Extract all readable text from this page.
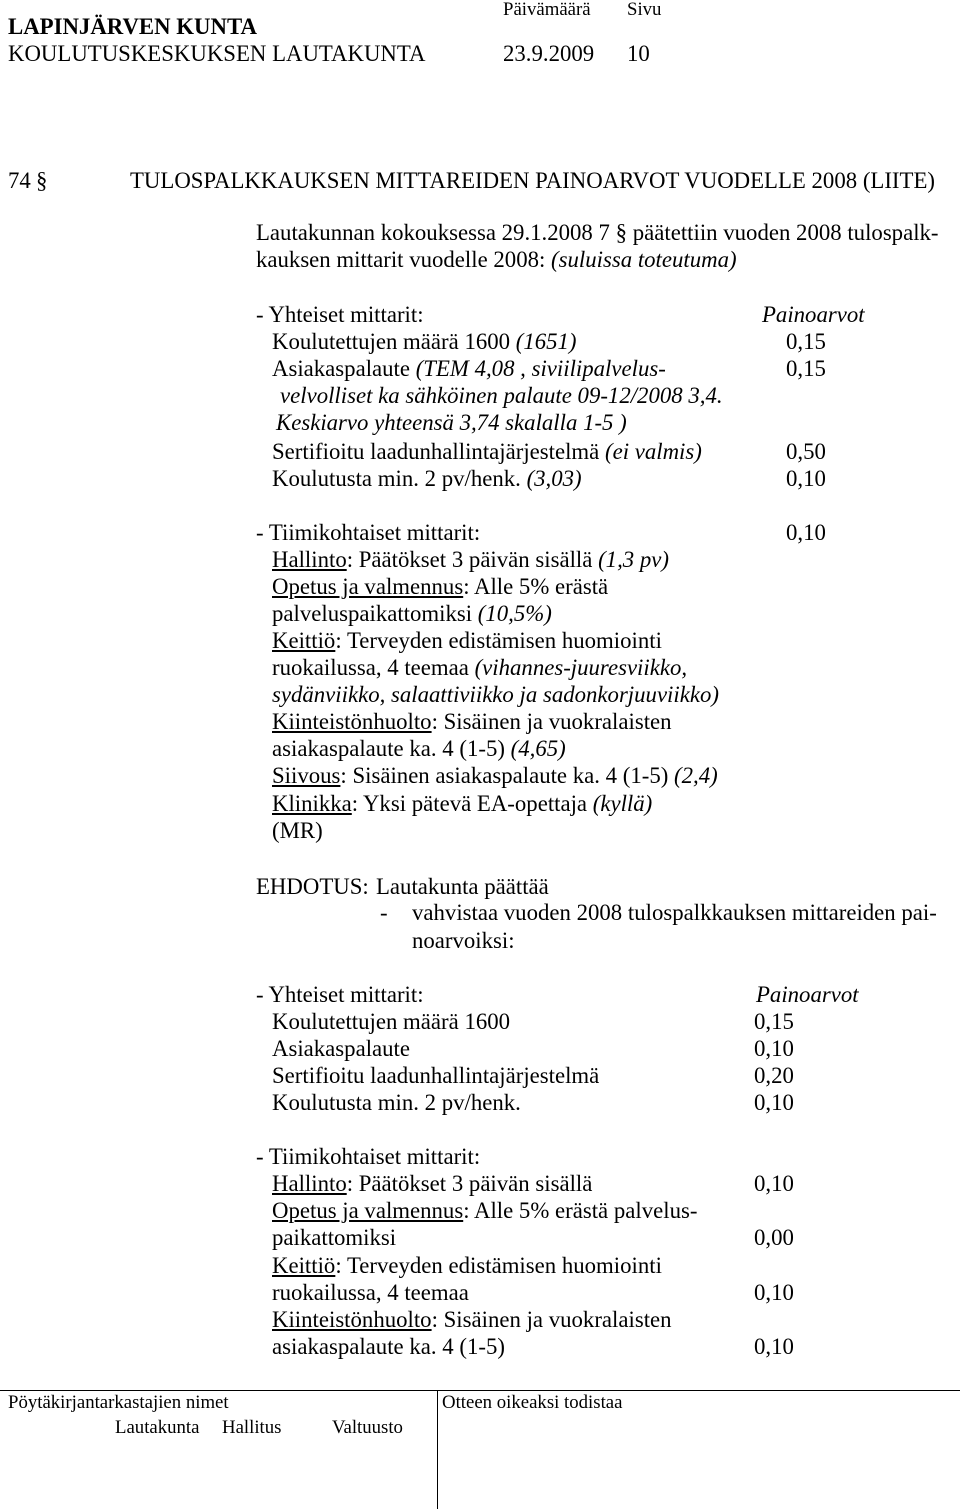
Päivämäärä Sivu
LAPINJÄRVEN KUNTA
KOULUTUSKESKUKSEN LAUTAKUNTA	23.9.2009 10
74 §	TULOSPALKKAUKSEN MITTAREIDEN PAINOARVOT VUODELLE 2008 (LIITE)
Lautakunnan kokouksessa 29.1.2008 7 § päätettiin vuoden 2008 tulospalk-
kauksen mittarit vuodelle 2008: (suluissa toteutuma)
- Yhteiset mittarit:	Painoarvot
Koulutettujen määrä 1600 (1651)	0,15
Asiakaspalaute (TEM 4,08 , siviilipalvelus-	0,15
velvolliset ka sähköinen palaute 09-12/2008 3,4.
Keskiarvo yhteensä 3,74 skalalla 1-5 )
Sertifioitu laadunhallintajärjestelmä (ei valmis)	0,50
Koulutusta min. 2 pv/henk. (3,03)	0,10
- Tiimikohtaiset mittarit:	0,10
Hallinto: Päätökset 3 päivän sisällä (1,3 pv)
Opetus ja valmennus: Alle 5% erästä
palveluspaikattomiksi (10,5%)
Keittiö: Terveyden edistämisen huomiointi
ruokailussa, 4 teemaa (vihannes-juuresviikko,
sydänviikko, salaattiviikko ja sadonkorjuuviikko)
Kiinteistönhuolto: Sisäinen ja vuokralaisten
asiakaspalaute ka. 4 (1-5) (4,65)
Siivous: Sisäinen asiakaspalaute ka. 4 (1-5) (2,4)
Klinikka: Yksi pätevä EA-opettaja (kyllä)
(MR)
EHDOTUS: Lautakunta päättää
- vahvistaa vuoden 2008 tulospalkkauksen mittareiden pai-
noarvoiksi:
- Yhteiset mittarit:	Painoarvot
Koulutettujen määrä 1600	0,15
Asiakaspalaute	0,10
Sertifioitu laadunhallintajärjestelmä	0,20
Koulutusta min. 2 pv/henk.	0,10
- Tiimikohtaiset mittarit:
Hallinto: Päätökset 3 päivän sisällä	0,10
Opetus ja valmennus: Alle 5% erästä palvelus-
paikattomiksi	0,00
Keittiö: Terveyden edistämisen huomiointi
ruokailussa, 4 teemaa	0,10
Kiinteistönhuolto: Sisäinen ja vuokralaisten
asiakaspalaute ka. 4 (1-5)	0,10
Pöytäkirjantarkastajien nimet	Otteen oikeaksi todistaa
Lautakunta Hallitus	Valtuusto
